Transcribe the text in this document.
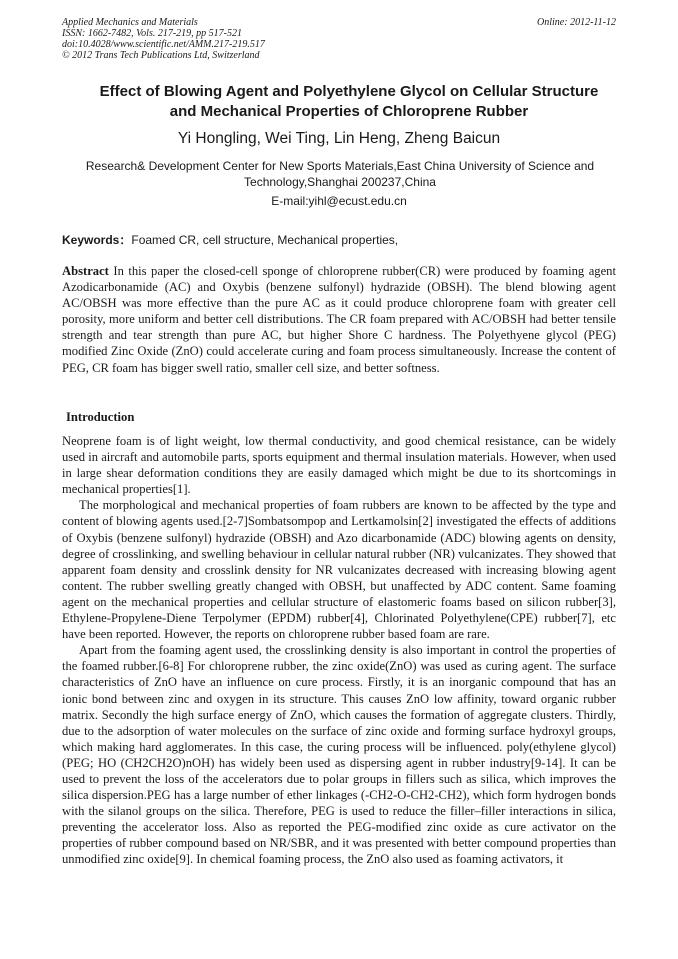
Applied Mechanics and Materials
ISSN: 1662-7482, Vols. 217-219, pp 517-521
doi:10.4028/www.scientific.net/AMM.217-219.517
© 2012 Trans Tech Publications Ltd, Switzerland
Online: 2012-11-12
Effect of Blowing Agent and Polyethylene Glycol on Cellular Structure
and Mechanical Properties of Chloroprene Rubber
Yi Hongling, Wei Ting, Lin Heng, Zheng Baicun
Research& Development Center for New Sports Materials,East China University of Science and Technology,Shanghai 200237,China
E-mail:yihl@ecust.edu.cn
Keywords：Foamed CR, cell structure, Mechanical properties,
Abstract In this paper the closed-cell sponge of chloroprene rubber(CR) were produced by foaming agent Azodicarbonamide (AC) and Oxybis (benzene sulfonyl) hydrazide (OBSH). The blend blowing agent AC/OBSH was more effective than the pure AC as it could produce chloroprene foam with greater cell porosity, more uniform and better cell distributions. The CR foam prepared with AC/OBSH had better tensile strength and tear strength than pure AC, but higher Shore C hardness. The Polyethyene glycol (PEG) modified Zinc Oxide (ZnO) could accelerate curing and foam process simultaneously. Increase the content of PEG, CR foam has bigger swell ratio, smaller cell size, and better softness.
Introduction

Neoprene foam is of light weight, low thermal conductivity, and good chemical resistance, can be widely used in aircraft and automobile parts, sports equipment and thermal insulation materials. However, when used in large shear deformation conditions they are easily damaged which might be due to its shortcomings in mechanical properties[1].

The morphological and mechanical properties of foam rubbers are known to be affected by the type and content of blowing agents used.[2-7]Sombatsompop and Lertkamolsin[2] investigated the effects of additions of Oxybis (benzene sulfonyl) hydrazide (OBSH) and Azo dicarbonamide (ADC) blowing agents on density, degree of crosslinking, and swelling behaviour in cellular natural rubber (NR) vulcanizates. They showed that apparent foam density and crosslink density for NR vulcanizates decreased with increasing blowing agent content. The rubber swelling greatly changed with OBSH, but unaffected by ADC content. Same foaming agent on the mechanical properties and cellular structure of elastomeric foams based on silicon rubber[3], Ethylene-Propylene-Diene Terpolymer (EPDM) rubber[4], Chlorinated Polyethylene(CPE) rubber[7], etc have been reported. However, the reports on chloroprene rubber based foam are rare.

Apart from the foaming agent used, the crosslinking density is also important in control the properties of the foamed rubber.[6-8] For chloroprene rubber, the zinc oxide(ZnO) was used as curing agent. The surface characteristics of ZnO have an influence on cure process. Firstly, it is an inorganic compound that has an ionic bond between zinc and oxygen in its structure. This causes ZnO low affinity, toward organic rubber matrix. Secondly the high surface energy of ZnO, which causes the formation of aggregate clusters. Thirdly, due to the adsorption of water molecules on the surface of zinc oxide and forming surface hydroxyl groups, which making hard agglomerates. In this case, the curing process will be influenced. poly(ethylene glycol) (PEG; HO (CH2CH2O)nOH) has widely been used as dispersing agent in rubber industry[9-14]. It can be used to prevent the loss of the accelerators due to polar groups in fillers such as silica, which improves the silica dispersion.PEG has a large number of ether linkages (-CH2-O-CH2-CH2), which form hydrogen bonds with the silanol groups on the silica. Therefore, PEG is used to reduce the filler–filler interactions in silica, preventing the accelerator loss. Also as reported the PEG-modified zinc oxide as cure activator on the properties of rubber compound based on NR/SBR, and it was presented with better compound properties than unmodified zinc oxide[9]. In chemical foaming process, the ZnO also used as foaming activators, it
